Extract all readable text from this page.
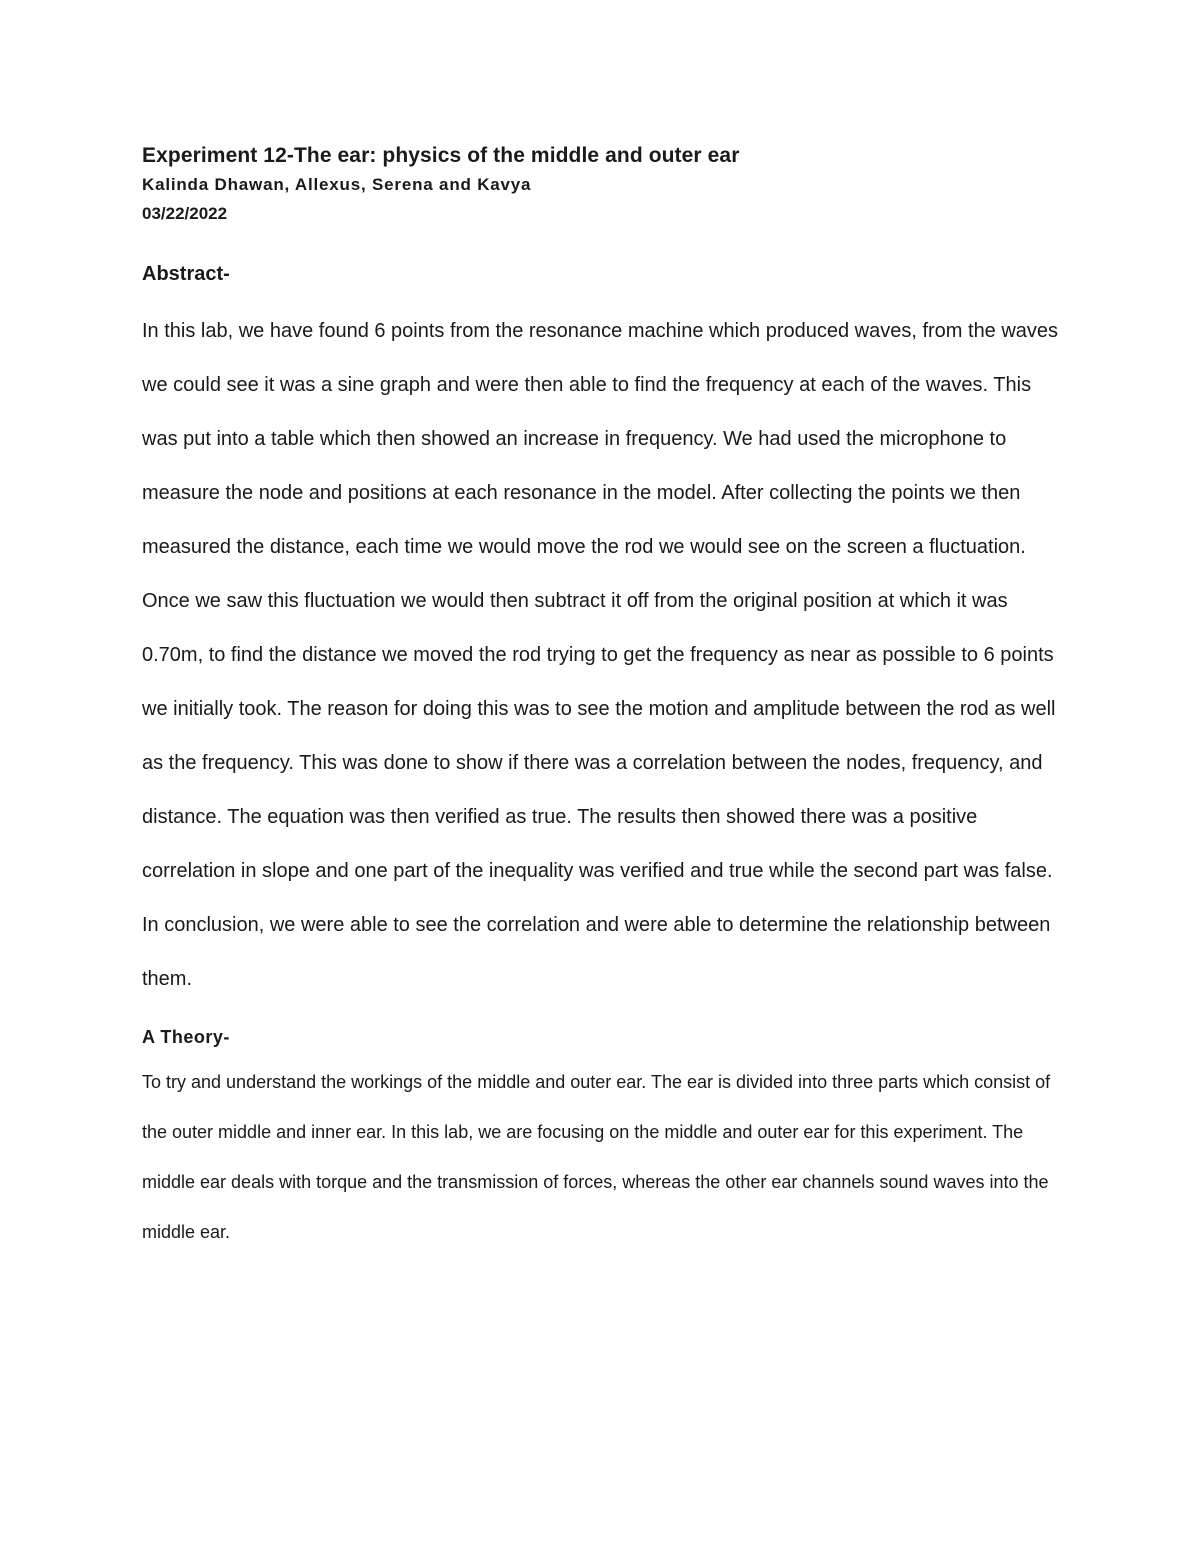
Experiment 12-The ear: physics of the middle and outer ear

Kalinda Dhawan, Allexus, Serena and Kavya

03/22/2022

Abstract-

In this lab, we have found 6 points from the resonance machine which produced waves, from the waves we could see it was a sine graph and were then able to find the frequency at each of the waves. This was put into a table which then showed an increase in frequency. We had used the microphone to measure the node and positions at each resonance in the model. After collecting the points we then measured the distance, each time we would move the rod we would see on the screen a fluctuation. Once we saw this fluctuation we would then subtract it off from the original position at which it was 0.70m, to find the distance we moved the rod trying to get the frequency as near as possible to 6 points we initially took. The reason for doing this was to see the motion and amplitude between the rod as well as the frequency. This was done to show if there was a correlation between the nodes, frequency, and distance. The equation was then verified as true. The results then showed there was a positive correlation in slope and one part of the inequality was verified and true while the second part was false. In conclusion, we were able to see the correlation and were able to determine the relationship between them.

A Theory-

To try and understand the workings of the middle and outer ear. The ear is divided into three parts which consist of the outer middle and inner ear. In this lab, we are focusing on the middle and outer ear for this experiment. The middle ear deals with torque and the transmission of forces, whereas the other ear channels sound waves into the middle ear.
